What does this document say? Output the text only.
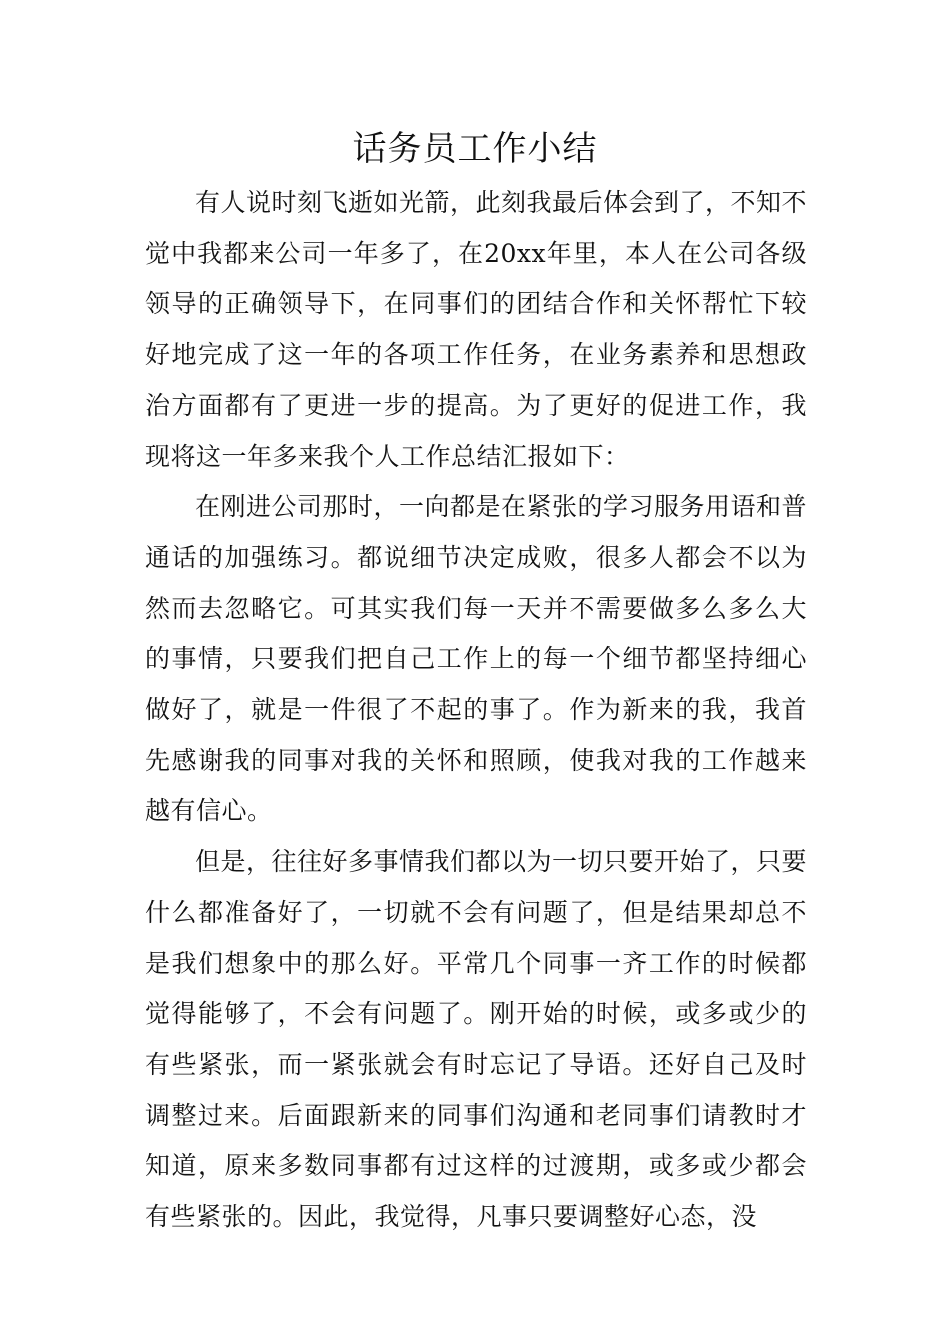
话务员工作小结

有人说时刻飞逝如光箭，此刻我最后体会到了，不知不觉中我都来公司一年多了，在20xx年里，本人在公司各级领导的正确领导下，在同事们的团结合作和关怀帮忙下较好地完成了这一年的各项工作任务，在业务素养和思想政治方面都有了更进一步的提高。为了更好的促进工作，我现将这一年多来我个人工作总结汇报如下：

在刚进公司那时，一向都是在紧张的学习服务用语和普通话的加强练习。都说细节决定成败，很多人都会不以为然而去忽略它。可其实我们每一天并不需要做多么多么大的事情，只要我们把自己工作上的每一个细节都坚持细心做好了，就是一件很了不起的事了。作为新来的我，我首先感谢我的同事对我的关怀和照顾，使我对我的工作越来越有信心。

但是，往往好多事情我们都以为一切只要开始了，只要什么都准备好了，一切就不会有问题了，但是结果却总不是我们想象中的那么好。平常几个同事一齐工作的时候都觉得能够了，不会有问题了。刚开始的时候，或多或少的有些紧张，而一紧张就会有时忘记了导语。还好自己及时调整过来。后面跟新来的同事们沟通和老同事们请教时才知道，原来多数同事都有过这样的过渡期，或多或少都会有些紧张的。因此，我觉得，凡事只要调整好心态，没
